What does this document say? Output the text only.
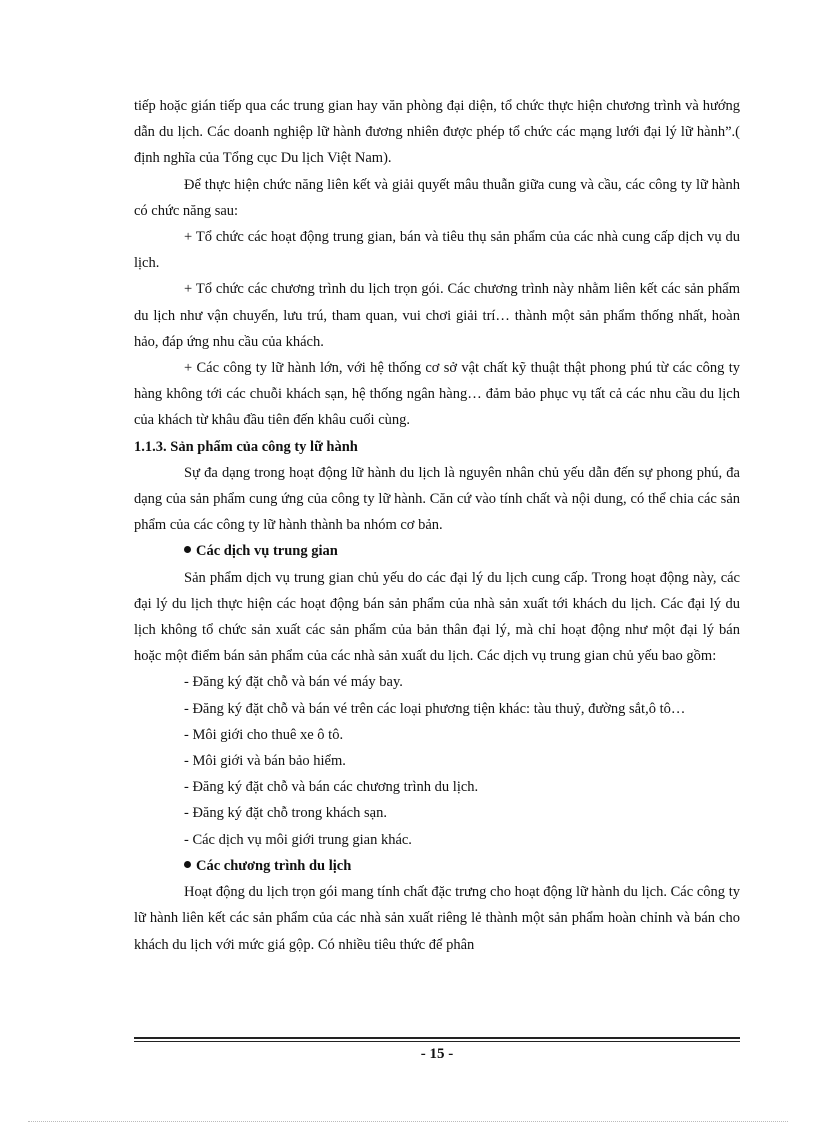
tiếp hoặc gián tiếp qua các trung gian hay văn phòng đại diện, tổ chức thực hiện chương trình và hướng dẫn du lịch. Các doanh nghiệp lữ hành đương nhiên được phép tổ chức các mạng lưới đại lý lữ hành”.( định nghĩa của Tổng cục Du lịch Việt Nam).

Để thực hiện chức năng liên kết và giải quyết mâu thuẫn giữa cung và cầu, các công ty lữ hành có chức năng sau:

+ Tổ chức các hoạt động trung gian, bán và tiêu thụ sản phẩm của các nhà cung cấp dịch vụ du lịch.

+ Tổ chức các chương trình du lịch trọn gói. Các chương trình này nhằm liên kết các sản phẩm du lịch như vận chuyển, lưu trú, tham quan, vui chơi giải trí… thành một sản phẩm thống nhất, hoàn hảo, đáp ứng nhu cầu của khách.

+ Các công ty lữ hành lớn, với hệ thống cơ sở vật chất kỹ thuật thật phong phú từ các công ty hàng không tới các chuỗi khách sạn, hệ thống ngân hàng… đảm bảo phục vụ tất cả các nhu cầu du lịch của khách từ khâu đầu tiên đến khâu cuối cùng.

1.1.3. Sản phẩm của công ty lữ hành

Sự đa dạng trong hoạt động lữ hành du lịch là nguyên nhân chủ yếu dẫn đến sự phong phú, đa dạng của sản phẩm cung ứng của công ty lữ hành. Căn cứ vào tính chất và nội dung, có thể chia các sản phẩm của các công ty lữ hành thành ba nhóm cơ bản.

Các dịch vụ trung gian

Sản phẩm dịch vụ trung gian chủ yếu do các đại lý du lịch cung cấp. Trong hoạt động này, các đại lý du lịch thực hiện các hoạt động bán sản phẩm của nhà sản xuất tới khách du lịch. Các đại lý du lịch không tổ chức sản xuất các sản phẩm của bản thân đại lý, mà chỉ hoạt động như một đại lý bán hoặc một điểm bán sản phẩm của các nhà sản xuất du lịch. Các dịch vụ trung gian chủ yếu bao gồm:

- Đăng ký đặt chỗ và bán vé máy bay.

- Đăng ký đặt chỗ và bán vé trên các loại phương tiện khác: tàu thuỷ, đường sắt,ô tô…

- Môi giới cho thuê xe ô tô.

- Môi giới và bán bảo hiểm.

- Đăng ký đặt chỗ và bán các chương trình du lịch.

- Đăng ký đặt chỗ trong khách sạn.

- Các dịch vụ môi giới trung gian khác.

Các chương trình du lịch

Hoạt động du lịch trọn gói mang tính chất đặc trưng cho hoạt động lữ hành du lịch. Các công ty lữ hành liên kết các sản phẩm của các nhà sản xuất riêng lẻ thành một sản phẩm hoàn chỉnh và bán cho khách du lịch với mức giá gộp. Có nhiều tiêu thức để phân

- 15 -
